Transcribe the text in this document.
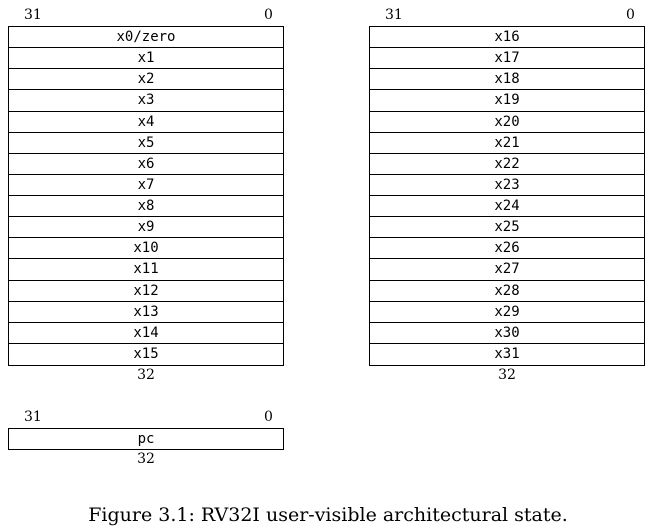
31	0
x0/zero
x1
x2
x3
x4
x5
x6
x7
x8
x9
x10
x11
x12
x13
x14
x15
32
31	0
x16
x17
x18
x19
x20
x21
x22
x23
x24
x25
x26
x27
x28
x29
x30
x31
32
31	0
pc
32
Figure 3.1: RV32I user-visible architectural state.
